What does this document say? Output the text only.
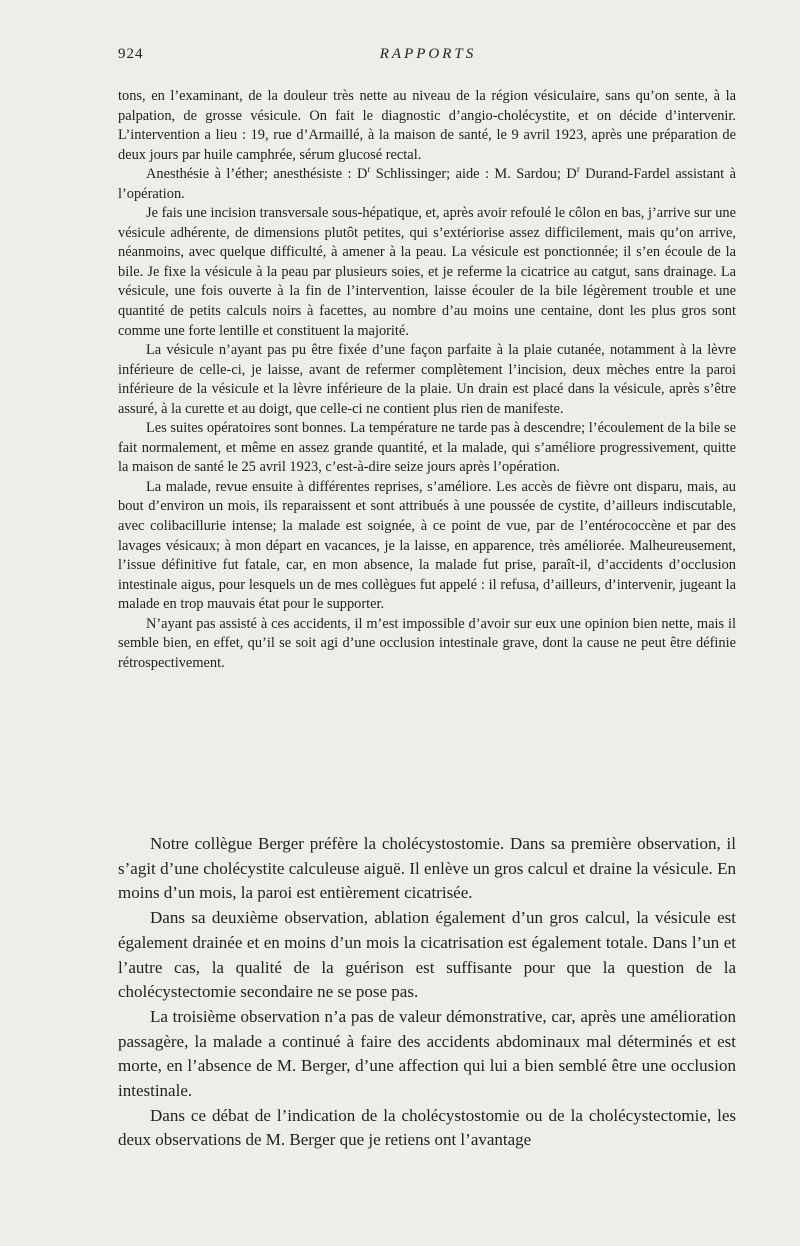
924	RAPPORTS

tons, en l’examinant, de la douleur très nette au niveau de la région vésiculaire, sans qu’on sente, à la palpation, de grosse vésicule. On fait le diagnostic d’angio-cholécystite, et on décide d’intervenir. L’intervention a lieu : 19, rue d’Armaillé, à la maison de santé, le 9 avril 1923, après une préparation de deux jours par huile camphrée, sérum glucosé rectal.

Anesthésie à l’éther; anesthésiste : $D^r$ Schlissinger; aide : M. Sardou; $D^r$ Durand-Fardel assistant à l’opération.

Je fais une incision transversale sous-hépatique, et, après avoir refoulé le côlon en bas, j’arrive sur une vésicule adhérente, de dimensions plutôt petites, qui s’extériorise assez difficilement, mais qu’on arrive, néanmoins, avec quelque difficulté, à amener à la peau. La vésicule est ponctionnée; il s’en écoule de la bile. Je fixe la vésicule à la peau par plusieurs soies, et je referme la cicatrice au catgut, sans drainage. La vésicule, une fois ouverte à la fin de l’intervention, laisse écouler de la bile légèrement trouble et une quantité de petits calculs noirs à facettes, au nombre d’au moins une centaine, dont les plus gros sont comme une forte lentille et constituent la majorité.

La vésicule n’ayant pas pu être fixée d’une façon parfaite à la plaie cutanée, notamment à la lèvre inférieure de celle-ci, je laisse, avant de refermer complètement l’incision, deux mèches entre la paroi inférieure de la vésicule et la lèvre inférieure de la plaie. Un drain est placé dans la vésicule, après s’être assuré, à la curette et au doigt, que celle-ci ne contient plus rien de manifeste.

Les suites opératoires sont bonnes. La température ne tarde pas à descendre; l’écoulement de la bile se fait normalement, et même en assez grande quantité, et la malade, qui s’améliore progressivement, quitte la maison de santé le 25 avril 1923, c’est-à-dire seize jours après l’opération.

La malade, revue ensuite à différentes reprises, s’améliore. Les accès de fièvre ont disparu, mais, au bout d’environ un mois, ils reparaissent et sont attribués à une poussée de cystite, d’ailleurs indiscutable, avec colibacillurie intense; la malade est soignée, à ce point de vue, par de l’entérococcène et par des lavages vésicaux; à mon départ en vacances, je la laisse, en apparence, très améliorée. Malheureusement, l’issue définitive fut fatale, car, en mon absence, la malade fut prise, paraît-il, d’accidents d’occlusion intestinale aigus, pour lesquels un de mes collègues fut appelé : il refusa, d’ailleurs, d’intervenir, jugeant la malade en trop mauvais état pour le supporter.

N’ayant pas assisté à ces accidents, il m’est impossible d’avoir sur eux une opinion bien nette, mais il semble bien, en effet, qu’il se soit agi d’une occlusion intestinale grave, dont la cause ne peut être définie rétrospectivement.

Notre collègue Berger préfère la cholécystostomie. Dans sa première observation, il s’agit d’une cholécystite calculeuse aiguë. Il enlève un gros calcul et draine la vésicule. En moins d’un mois, la paroi est entièrement cicatrisée.

Dans sa deuxième observation, ablation également d’un gros calcul, la vésicule est également drainée et en moins d’un mois la cicatrisation est également totale. Dans l’un et l’autre cas, la qualité de la guérison est suffisante pour que la question de la cholécystectomie secondaire ne se pose pas.

La troisième observation n’a pas de valeur démonstrative, car, après une amélioration passagère, la malade a continué à faire des accidents abdominaux mal déterminés et est morte, en l’absence de M. Berger, d’une affection qui lui a bien semblé être une occlusion intestinale.

Dans ce débat de l’indication de la cholécystostomie ou de la cholécystectomie, les deux observations de M. Berger que je retiens ont l’avantage
